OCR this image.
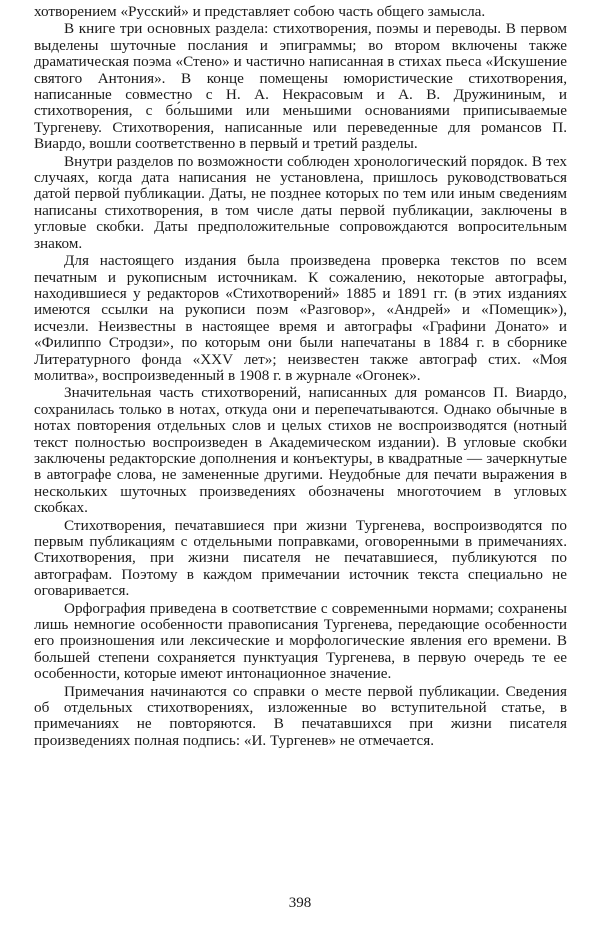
хотворением «Русский» и представляет собою часть общего замысла.

В книге три основных раздела: стихотворения, поэмы и переводы. В первом выделены шуточные послания и эпиграммы; во втором включены также драматическая поэма «Стено» и частично написанная в стихах пьеса «Искушение святого Антония». В конце помещены юмористические стихотворения, написанные совместно с Н. А. Некрасовым и А. В. Дружининым, и стихотворения, с бо́льшими или меньшими основаниями приписываемые Тургеневу. Стихотворения, написанные или переведенные для романсов П. Виардо, вошли соответственно в первый и третий разделы.

Внутри разделов по возможности соблюден хронологический порядок. В тех случаях, когда дата написания не установлена, пришлось руководствоваться датой первой публикации. Даты, не позднее которых по тем или иным сведениям написаны стихотворения, в том числе даты первой публикации, заключены в угловые скобки. Даты предположительные сопровождаются вопросительным знаком.

Для настоящего издания была произведена проверка текстов по всем печатным и рукописным источникам. К сожалению, некоторые автографы, находившиеся у редакторов «Стихотворений» 1885 и 1891 гг. (в этих изданиях имеются ссылки на рукописи поэм «Разговор», «Андрей» и «Помещик»), исчезли. Неизвестны в настоящее время и автографы «Графини Донато» и «Филиппо Стродзи», по которым они были напечатаны в 1884 г. в сборнике Литературного фонда «XXV лет»; неизвестен также автограф стих. «Моя молитва», воспроизведенный в 1908 г. в журнале «Огонек».

Значительная часть стихотворений, написанных для романсов П. Виардо, сохранилась только в нотах, откуда они и перепечатываются. Однако обычные в нотах повторения отдельных слов и целых стихов не воспроизводятся (нотный текст полностью воспроизведен в Академическом издании). В угловые скобки заключены редакторские дополнения и конъектуры, в квадратные — зачеркнутые в автографе слова, не замененные другими. Неудобные для печати выражения в нескольких шуточных произведениях обозначены многоточием в угловых скобках.

Стихотворения, печатавшиеся при жизни Тургенева, воспроизводятся по первым публикациям с отдельными поправками, оговоренными в примечаниях. Стихотворения, при жизни писателя не печатавшиеся, публикуются по автографам. Поэтому в каждом примечании источник текста специально не оговаривается.

Орфография приведена в соответствие с современными нормами; сохранены лишь немногие особенности правописания Тургенева, передающие особенности его произношения или лексические и морфологические явления его времени. В большей степени сохраняется пунктуация Тургенева, в первую очередь те ее особенности, которые имеют интонационное значение.

Примечания начинаются со справки о месте первой публикации. Сведения об отдельных стихотворениях, изложенные во вступительной статье, в примечаниях не повторяются. В печатавшихся при жизни писателя произведениях полная подпись: «И. Тургенев» не отмечается.

398
